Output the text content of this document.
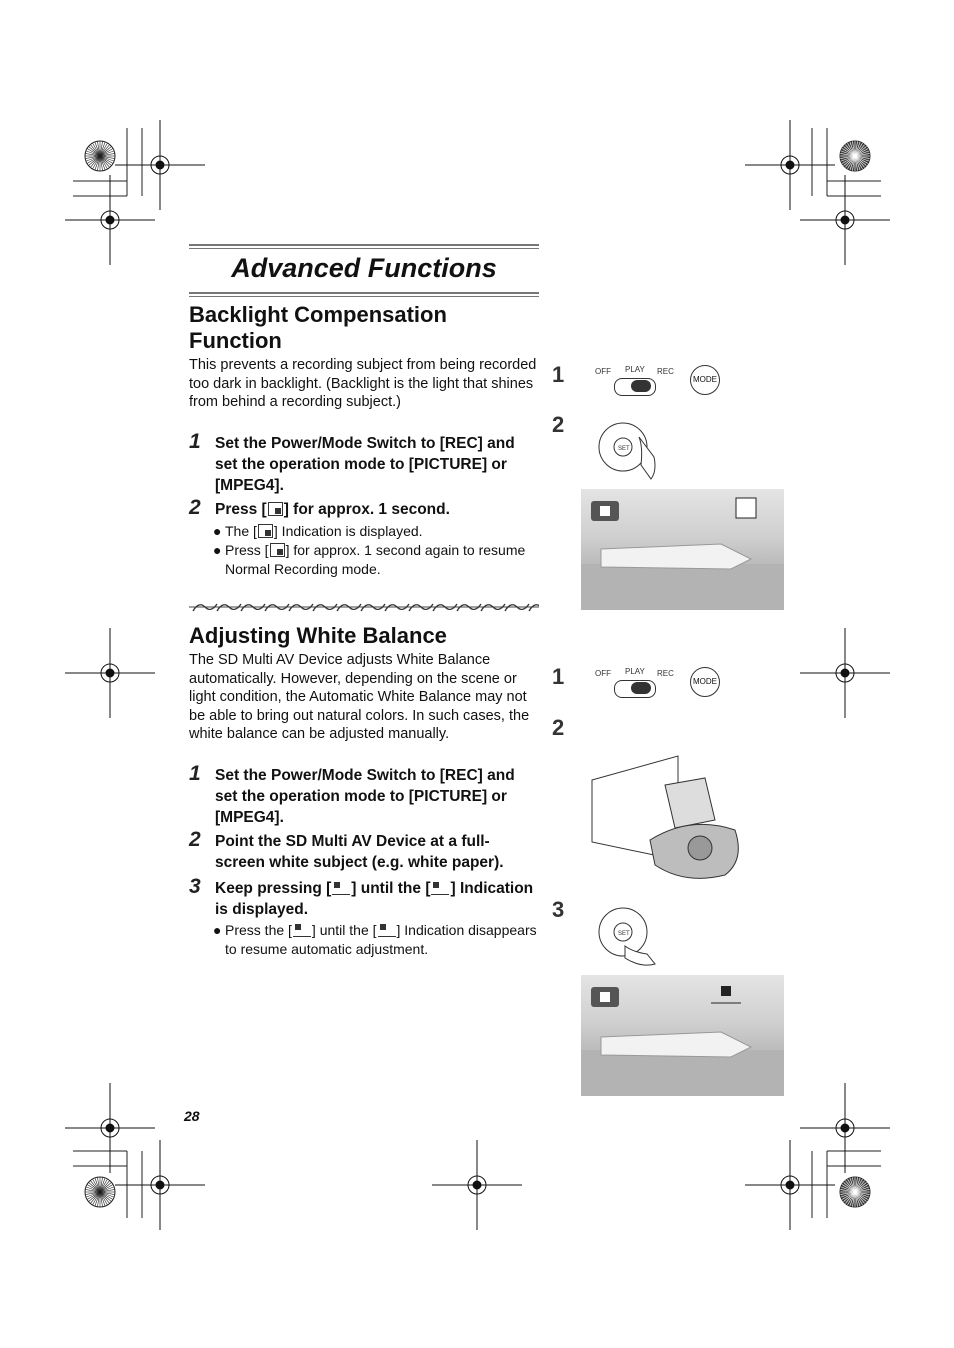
Advanced Functions
Backlight Compensation Function
This prevents a recording subject from being recorded too dark in backlight. (Backlight is the light that shines from behind a recording subject.)
1 Set the Power/Mode Switch to [REC] and set the operation mode to [PICTURE] or [MPEG4].
2 Press [ ] for approx. 1 second.
● The [ ] Indication is displayed.
● Press [ ] for approx. 1 second again to resume Normal Recording mode.
Adjusting White Balance
The SD Multi AV Device adjusts White Balance automatically. However, depending on the scene or light condition, the Automatic White Balance may not be able to bring out natural colors. In such cases, the white balance can be adjusted manually.
1 Set the Power/Mode Switch to [REC] and set the operation mode to [PICTURE] or [MPEG4].
2 Point the SD Multi AV Device at a full-screen white subject (e.g. white paper).
3 Keep pressing [ ] until the [ ] Indication is displayed.
● Press the [ ] until the [ ] Indication disappears to resume automatic adjustment.
1
2
OFF PLAY REC
MODE
SET
1
2
3
OFF PLAY REC
MODE
SET
28
